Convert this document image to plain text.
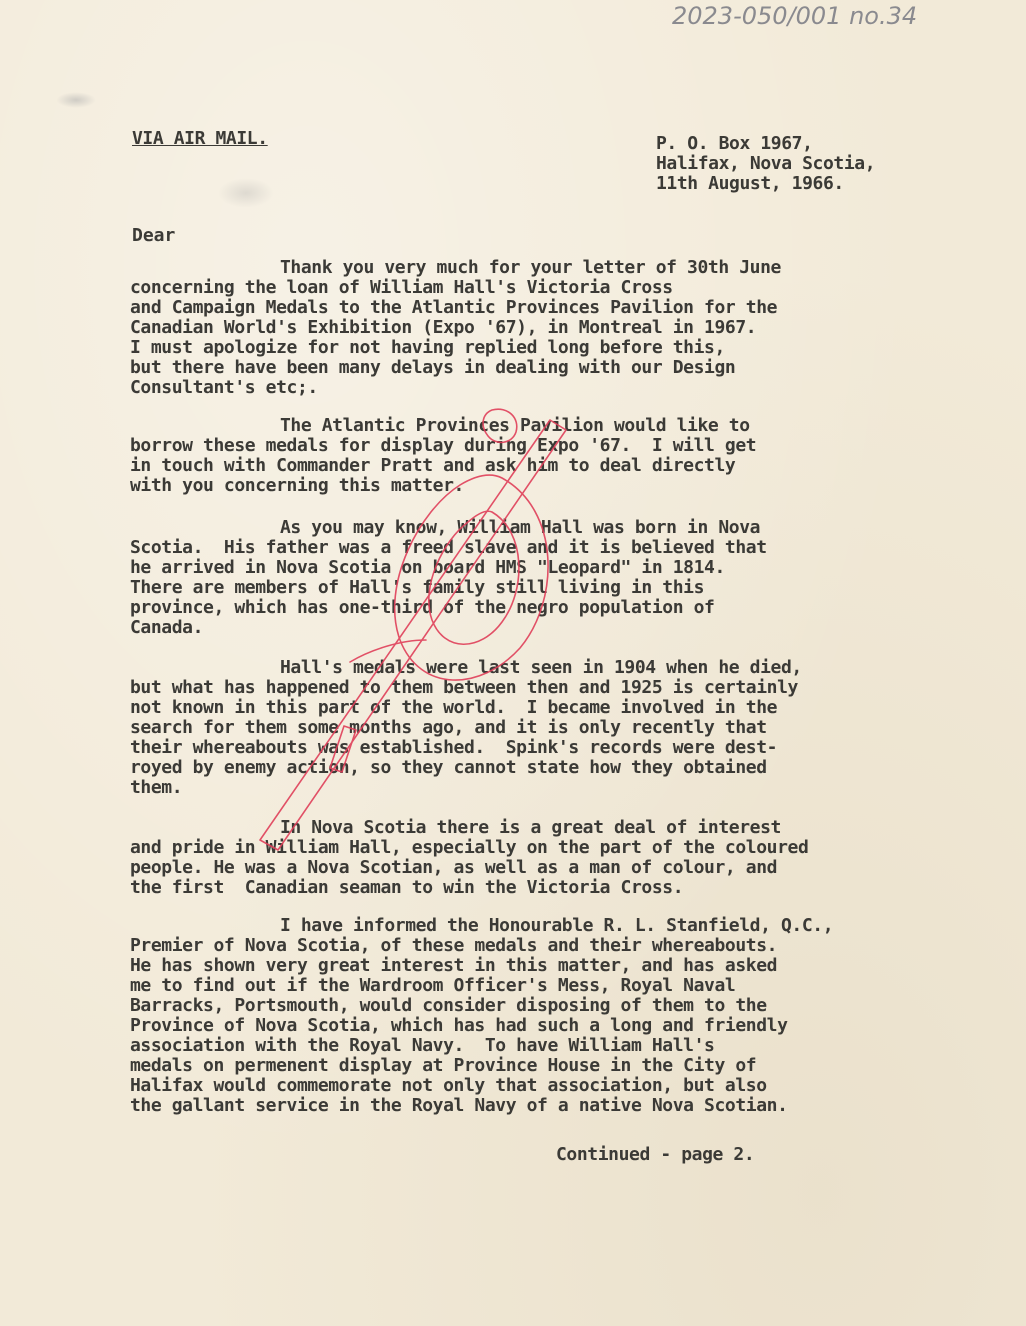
2023-050/001 no.34
VIA AIR MAIL.	P. O. Box 1967,
Halifax, Nova Scotia,
11th August, 1966.
Dear
Thank you very much for your letter of 30th June
concerning the loan of William Hall's Victoria Cross
and Campaign Medals to the Atlantic Provinces Pavilion for the
Canadian World's Exhibition (Expo '67), in Montreal in 1967.
I must apologize for not having replied long before this,
but there have been many delays in dealing with our Design
Consultant's etc;.
The Atlantic Provinces Pavilion would like to
borrow these medals for display during Expo '67.  I will get
in touch with Commander Pratt and ask him to deal directly
with you concerning this matter.
As you may know, William Hall was born in Nova
Scotia.  His father was a freed slave and it is believed that
he arrived in Nova Scotia on board HMS "Leopard" in 1814.
There are members of Hall's family still living in this
province, which has one-third of the negro population of
Canada.
Hall's medals were last seen in 1904 when he died,
but what has happened to them between then and 1925 is certainly
not known in this part of the world.  I became involved in the
search for them some months ago, and it is only recently that
their whereabouts was established.  Spink's records were dest-
royed by enemy action, so they cannot state how they obtained
them.
In Nova Scotia there is a great deal of interest
and pride in William Hall, especially on the part of the coloured
people. He was a Nova Scotian, as well as a man of colour, and
the first  Canadian seaman to win the Victoria Cross.
I have informed the Honourable R. L. Stanfield, Q.C.,
Premier of Nova Scotia, of these medals and their whereabouts.
He has shown very great interest in this matter, and has asked
me to find out if the Wardroom Officer's Mess, Royal Naval
Barracks, Portsmouth, would consider disposing of them to the
Province of Nova Scotia, which has had such a long and friendly
association with the Royal Navy.  To have William Hall's
medals on permenent display at Province House in the City of
Halifax would commemorate not only that association, but also
the gallant service in the Royal Navy of a native Nova Scotian.
Continued - page 2.
